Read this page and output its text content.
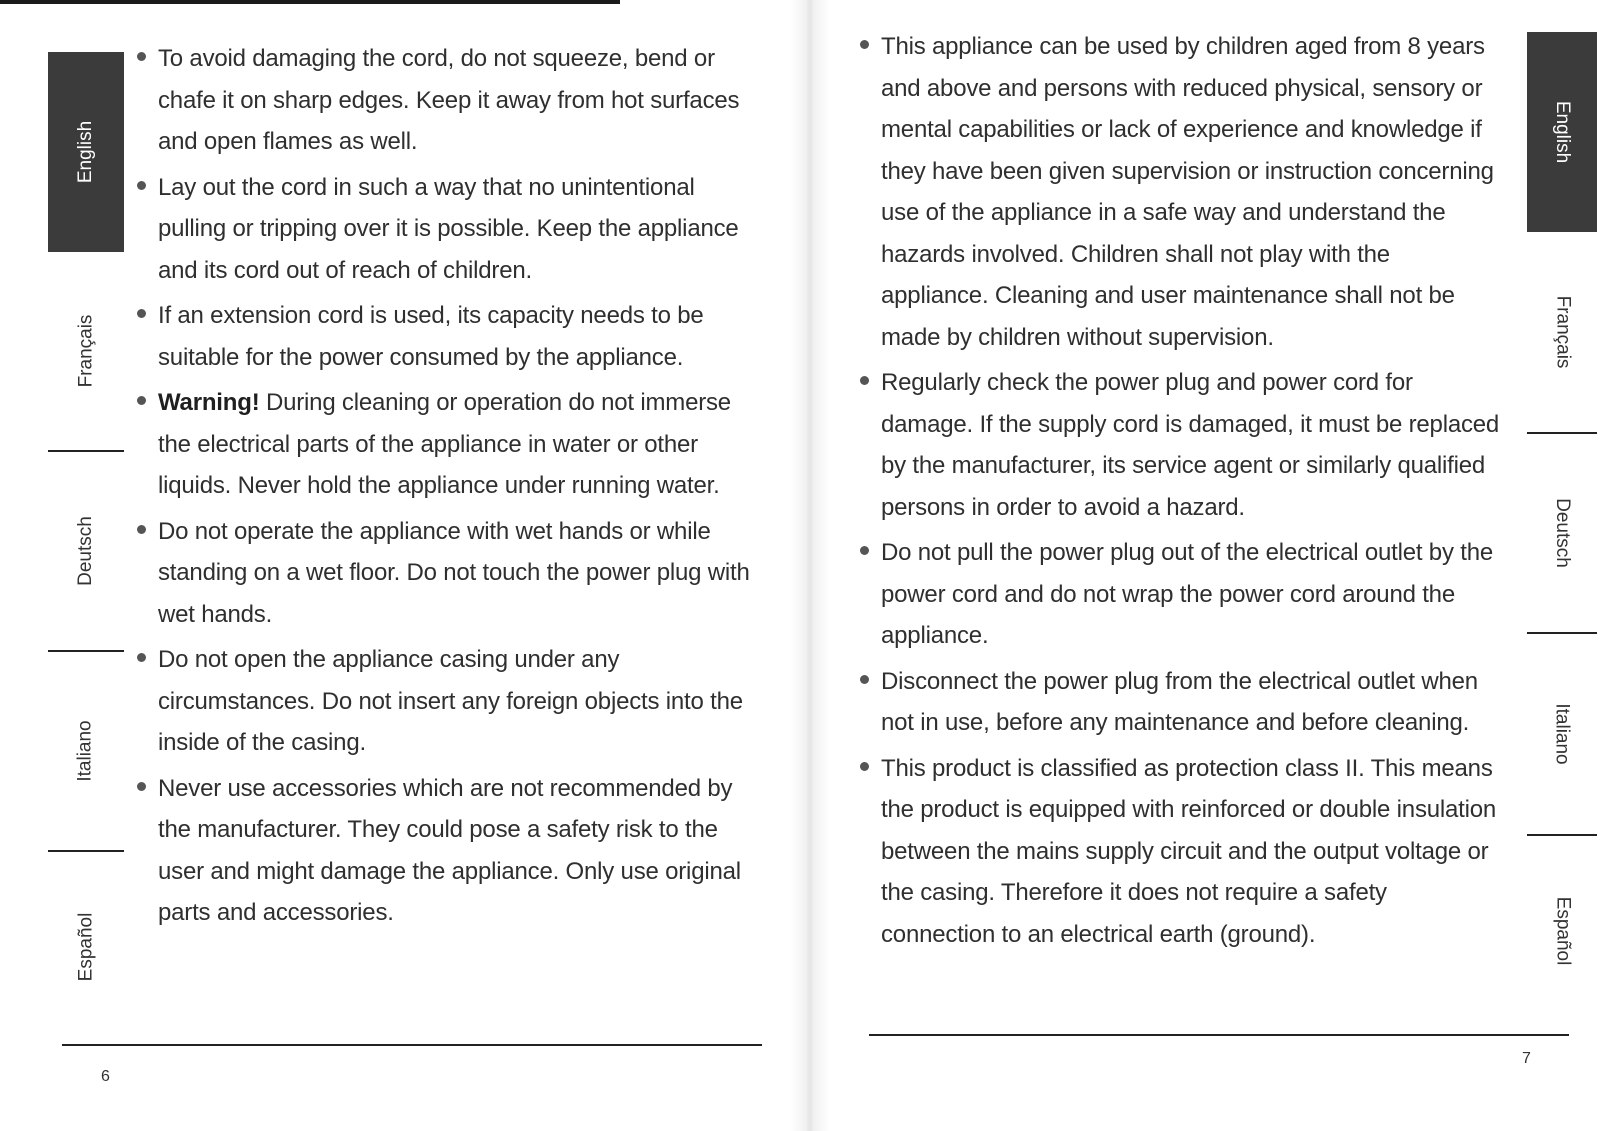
English
Français
Deutsch
Italiano
Español
To avoid damaging the cord, do not squeeze, bend or chafe it on sharp edges. Keep it away from hot surfaces and open flames as well.
Lay out the cord in such a way that no unintentional pulling or tripping over it is possible. Keep the appliance and its cord out of reach of children.
If an extension cord is used, its capacity needs to be suitable for the power consumed by the appliance.
Warning! During cleaning or operation do not immerse the electrical parts of the appliance in water or other liquids. Never hold the appliance under running water.
Do not operate the appliance with wet hands or while standing on a wet floor. Do not touch the power plug with wet hands.
Do not open the appliance casing under any circumstances. Do not insert any foreign objects into the inside of the casing.
Never use accessories which are not recommended by the manufacturer. They could pose a safety risk to the user and might damage the appliance. Only use original parts and accessories.
6
This appliance can be used by children aged from 8 years and above and persons with reduced physical, sensory or mental capabilities or lack of experience and knowledge if they have been given supervision or instruction concerning use of the appliance in a safe way and understand the hazards involved. Children shall not play with the appliance. Cleaning and user maintenance shall not be made by children without supervision.
Regularly check the power plug and power cord for damage. If the supply cord is damaged, it must be replaced by the manufacturer, its service agent or similarly qualified persons in order to avoid a hazard.
Do not pull the power plug out of the electrical outlet by the power cord and do not wrap the power cord around the appliance.
Disconnect the power plug from the electrical outlet when not in use, before any maintenance and before cleaning.
This product is classified as protection class II. This means the product is equipped with reinforced or double insulation between the mains supply circuit and the output voltage or the casing. Therefore it does not require a safety connection to an electrical earth (ground).
English
Français
Deutsch
Italiano
Español
7
